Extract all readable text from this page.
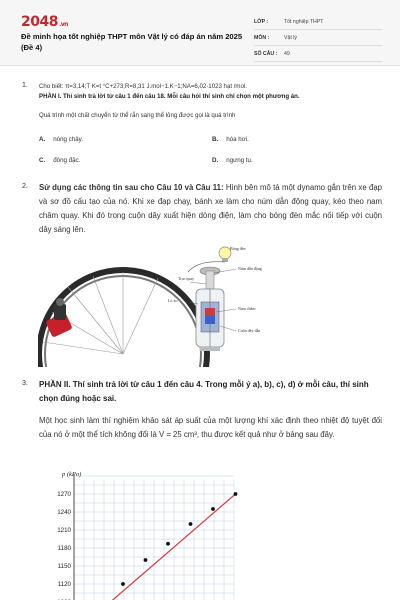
2048.vn
Đề minh họa tốt nghiệp THPT môn Vật lý có đáp án năm 2025 (Đề 4)
LỚP :	Tốt nghiệp THPT
MÔN :	Vật lý
SỐ CÂU :	49
1. Cho biết: π=3,14;T K=t °C+273;R=8,31 J.mol−1.K−1;NA=6,02·1023 hạt /mol.
PHẦN I. Thí sinh trả lời từ câu 1 đến câu 18. Mỗi câu hỏi thí sinh chỉ chọn một phương án.
Quá trình một chất chuyển từ thể rắn sang thể lỏng được gọi là quá trình
A. nóng chảy.	B. hóa hơi.
C. đông đặc.	D. ngưng tụ.
2. Sử dụng các thông tin sau cho Câu 10 và Câu 11: Hình bên mô tả một dynamo gắn trên xe đạp và sơ đồ cấu tạo của nó. Khi xe đạp chạy, bánh xe làm cho núm dẫn động quay, kéo theo nam châm quay. Khi đó trong cuộn dây xuất hiện dòng điện, làm cho bóng đèn mắc nối tiếp với cuộn dây sáng lên.

Bóng đèn
Núm dẫn động
Trục quay
Lò xo
Nam châm
Cuộn dây dẫn
3. PHẦN II. Thí sinh trả lời từ câu 1 đến câu 4. Trong mỗi ý a), b), c), d) ở mỗi câu, thí sinh chọn đúng hoặc sai.

Một học sinh làm thí nghiệm khảo sát áp suất của một lượng khí xác định theo nhiệt độ tuyệt đối của nó ở một thể tích không đổi là V = 25 cm³, thu được kết quả như ở bảng sau đây.

p (kPa)
1270
1240
1210
1180
1150
1120
